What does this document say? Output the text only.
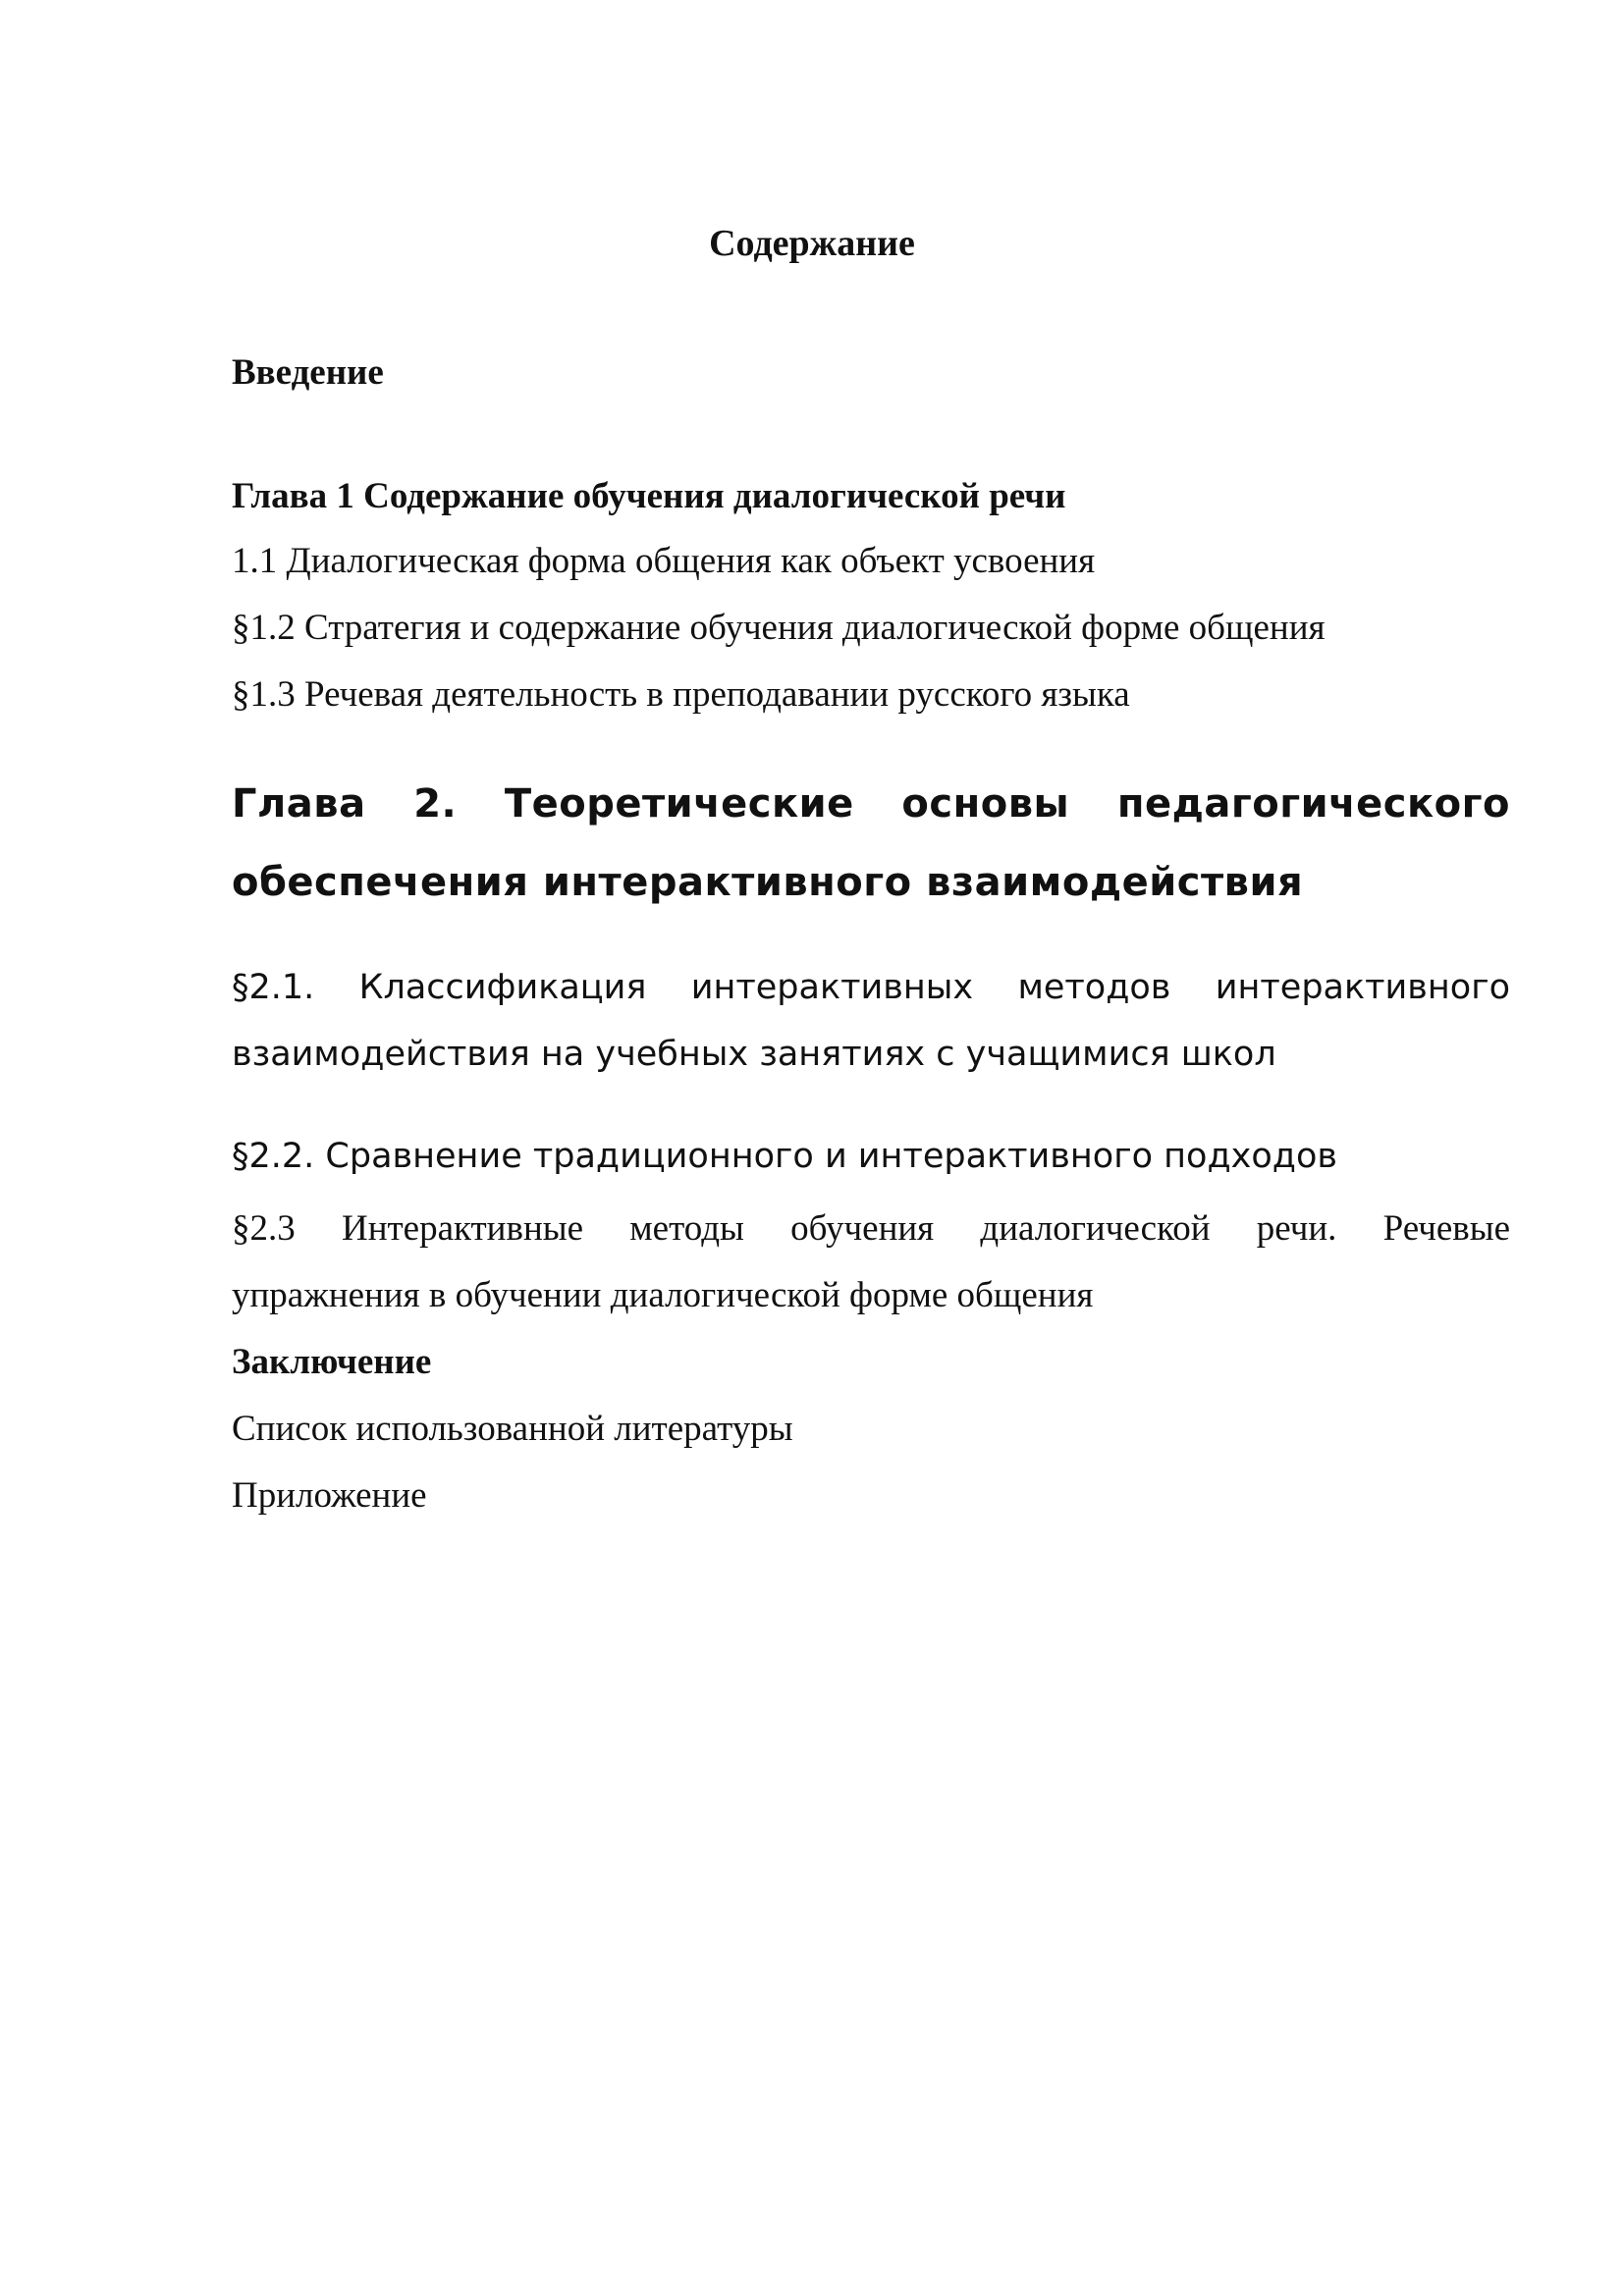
Содержание
Введение
Глава 1 Содержание обучения диалогической речи
1.1 Диалогическая форма общения как объект усвоения
§1.2 Стратегия и содержание обучения диалогической форме общения
§1.3 Речевая деятельность в преподавании русского языка
Глава 2. Теоретические основы педагогического
обеспечения интерактивного взаимодействия
§2.1. Классификация интерактивных методов интерактивного
взаимодействия на учебных занятиях с учащимися школ
§2.2. Сравнение традиционного и интерактивного подходов
§2.3 Интерактивные методы обучения диалогической речи. Речевые
упражнения в обучении диалогической форме общения
Заключение
Список использованной литературы
Приложение
